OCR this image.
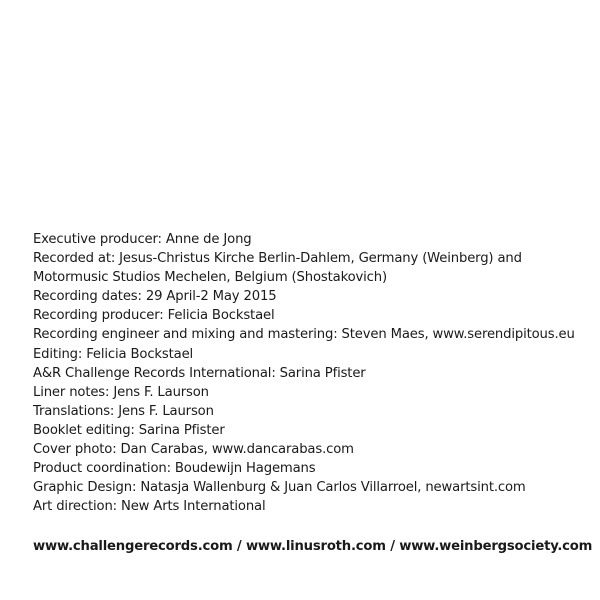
Executive producer: Anne de Jong
Recorded at: Jesus-Christus Kirche Berlin-Dahlem, Germany (Weinberg) and Motormusic Studios Mechelen, Belgium (Shostakovich)
Recording dates: 29 April-2 May 2015
Recording producer: Felicia Bockstael
Recording engineer and mixing and mastering: Steven Maes, www.serendipitous.eu
Editing: Felicia Bockstael
A&R Challenge Records International: Sarina Pfister
Liner notes: Jens F. Laurson
Translations: Jens F. Laurson
Booklet editing: Sarina Pfister
Cover photo: Dan Carabas, www.dancarabas.com
Product coordination: Boudewijn Hagemans
Graphic Design: Natasja Wallenburg & Juan Carlos Villarroel, newartsint.com
Art direction: New Arts International
www.challengerecords.com / www.linusroth.com / www.weinbergsociety.com
